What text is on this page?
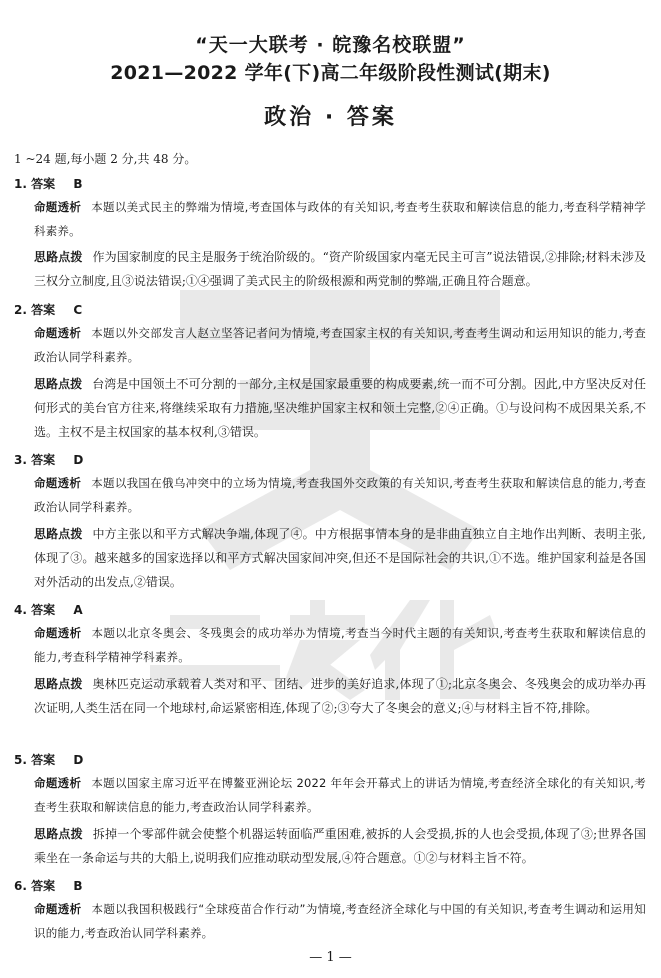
“天一大联考 · 皖豫名校联盟”
2021—2022 学年(下)高二年级阶段性测试(期末)
政治 · 答案
1 ~24 题,每小题 2 分,共 48 分。
1. 答案 B
命题透析 本题以美式民主的弊端为情境,考查国体与政体的有关知识,考查考生获取和解读信息的能力,考查科学精神学科素养。
思路点拨 作为国家制度的民主是服务于统治阶级的。“资产阶级国家内毫无民主可言”说法错误,②排除;材料未涉及三权分立制度,且③说法错误;①④强调了美式民主的阶级根源和两党制的弊端,正确且符合题意。
2. 答案 C
命题透析 本题以外交部发言人赵立坚答记者问为情境,考查国家主权的有关知识,考查考生调动和运用知识的能力,考查政治认同学科素养。
思路点拨 台湾是中国领土不可分割的一部分,主权是国家最重要的构成要素,统一而不可分割。因此,中方坚决反对任何形式的美台官方往来,将继续采取有力措施,坚决维护国家主权和领土完整,②④正确。①与设问构不成因果关系,不选。主权不是主权国家的基本权利,③错误。
3. 答案 D
命题透析 本题以我国在俄乌冲突中的立场为情境,考查我国外交政策的有关知识,考查考生获取和解读信息的能力,考查政治认同学科素养。
思路点拨 中方主张以和平方式解决争端,体现了④。中方根据事情本身的是非曲直独立自主地作出判断、表明主张,体现了③。越来越多的国家选择以和平方式解决国家间冲突,但还不是国际社会的共识,①不选。维护国家利益是各国对外活动的出发点,②错误。
4. 答案 A
命题透析 本题以北京冬奥会、冬残奥会的成功举办为情境,考查当今时代主题的有关知识,考查考生获取和解读信息的能力,考查科学精神学科素养。
思路点拨 奥林匹克运动承载着人类对和平、团结、进步的美好追求,体现了①;北京冬奥会、冬残奥会的成功举办再次证明,人类生活在同一个地球村,命运紧密相连,体现了②;③夸大了冬奥会的意义;④与材料主旨不符,排除。
5. 答案 D
命题透析 本题以国家主席习近平在博鳌亚洲论坛 2022 年年会开幕式上的讲话为情境,考查经济全球化的有关知识,考查考生获取和解读信息的能力,考查政治认同学科素养。
思路点拨 拆掉一个零部件就会使整个机器运转面临严重困难,被拆的人会受损,拆的人也会受损,体现了③;世界各国乘坐在一条命运与共的大船上,说明我们应推动联动型发展,④符合题意。①②与材料主旨不符。
6. 答案 B
命题透析 本题以我国积极践行“全球疫苗合作行动”为情境,考查经济全球化与中国的有关知识,考查考生调动和运用知识的能力,考查政治认同学科素养。
— 1 —
